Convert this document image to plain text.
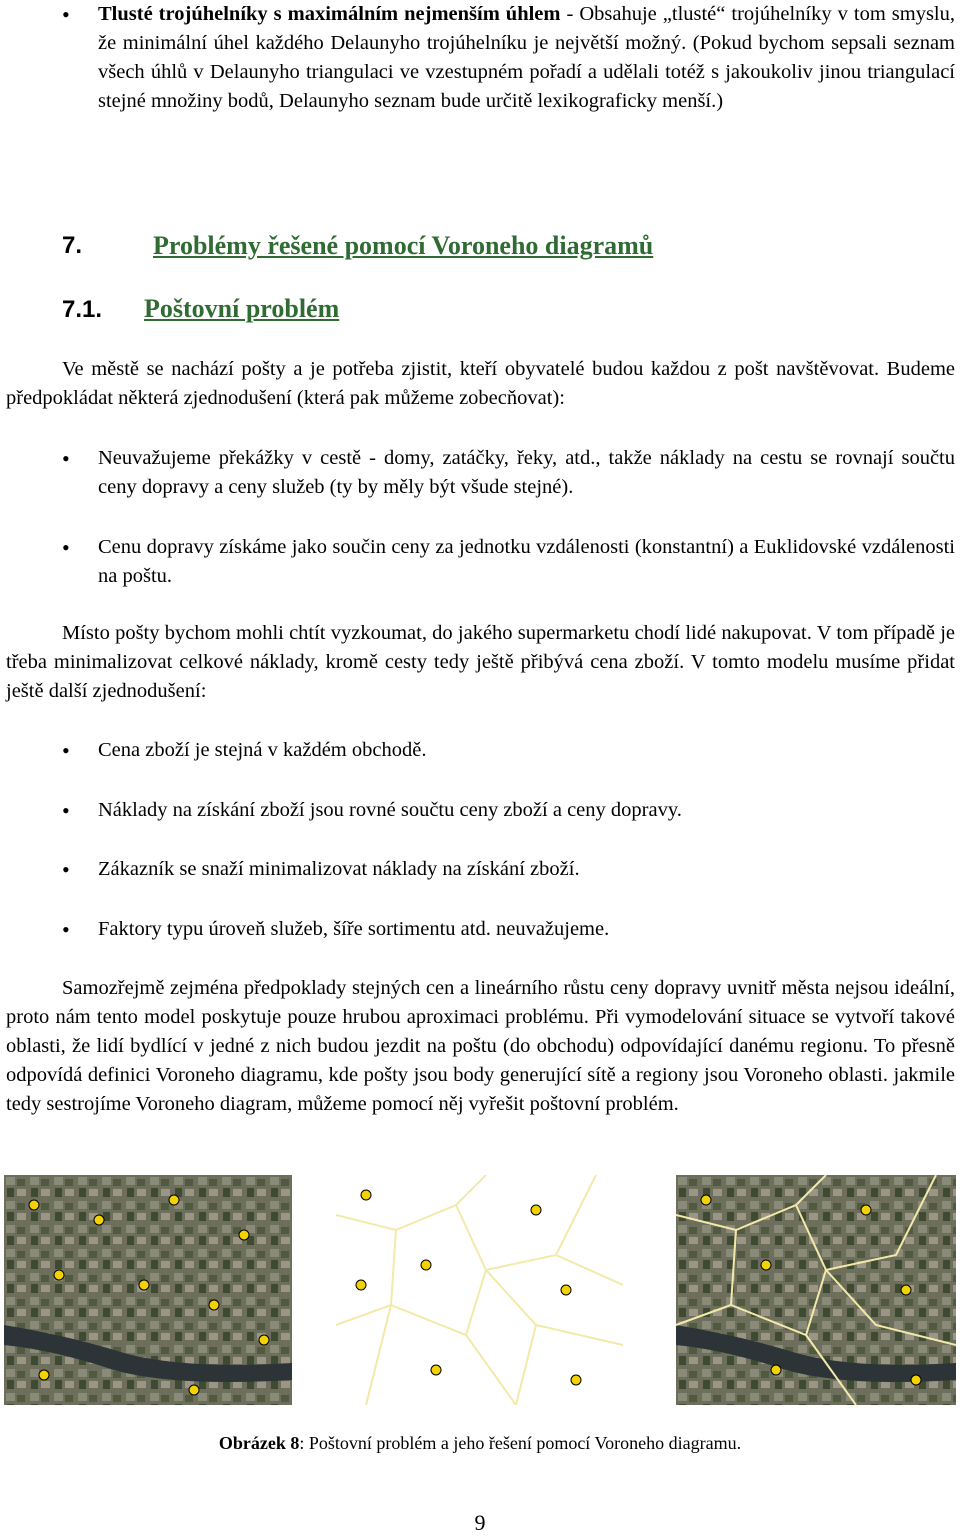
•	Tlusté trojúhelníky s maximálním nejmenším úhlem - Obsahuje „tlusté“ trojúhelníky v tom smyslu, že minimální úhel každého Delaunyho trojúhelníku je největší možný. (Pokud bychom sepsali seznam všech úhlů v Delaunyho triangulaci ve vzestupném pořadí a udělali totéž s jakoukoliv jinou triangulací stejné množiny bodů, Delaunyho seznam bude určitě lexikograficky menší.)

7.	Problémy řešené pomocí Voroneho diagramů
7.1. Poštovní problém

Ve městě se nachází pošty a je potřeba zjistit, kteří obyvatelé budou každou z pošt navštěvovat. Budeme předpokládat některá zjednodušení (která pak můžeme zobecňovat):

•	Neuvažujeme překážky v cestě - domy, zatáčky, řeky, atd., takže náklady na cestu se rovnají součtu ceny dopravy a ceny služeb (ty by měly být všude stejné).

•	Cenu dopravy získáme jako součin ceny za jednotku vzdálenosti (konstantní) a Euklidovské vzdálenosti na poštu.

Místo pošty bychom mohli chtít vyzkoumat, do jakého supermarketu chodí lidé nakupovat. V tom případě je třeba minimalizovat celkové náklady, kromě cesty tedy ještě přibývá cena zboží. V tomto modelu musíme přidat ještě další zjednodušení:

•	Cena zboží je stejná v každém obchodě.

•	Náklady na získání zboží jsou rovné součtu ceny zboží a ceny dopravy.

•	Zákazník se snaží minimalizovat náklady na získání zboží.

•	Faktory typu úroveň služeb, šíře sortimentu atd. neuvažujeme.

Samozřejmě zejména předpoklady stejných cen a lineárního růstu ceny dopravy uvnitř města nejsou ideální, proto nám tento model poskytuje pouze hrubou aproximaci problému. Při vymodelování situace se vytvoří takové oblasti, že lidí bydlící v jedné z nich budou jezdit na poštu (do obchodu) odpovídající danému regionu. To přesně odpovídá definici Voroneho diagramu, kde pošty jsou body generující sítě a regiony jsou Voroneho oblasti. jakmile tedy sestrojíme Voroneho diagram, můžeme pomocí něj vyřešit poštovní problém.

Obrázek 8: Poštovní problém a jeho řešení pomocí Voroneho diagramu.
9
